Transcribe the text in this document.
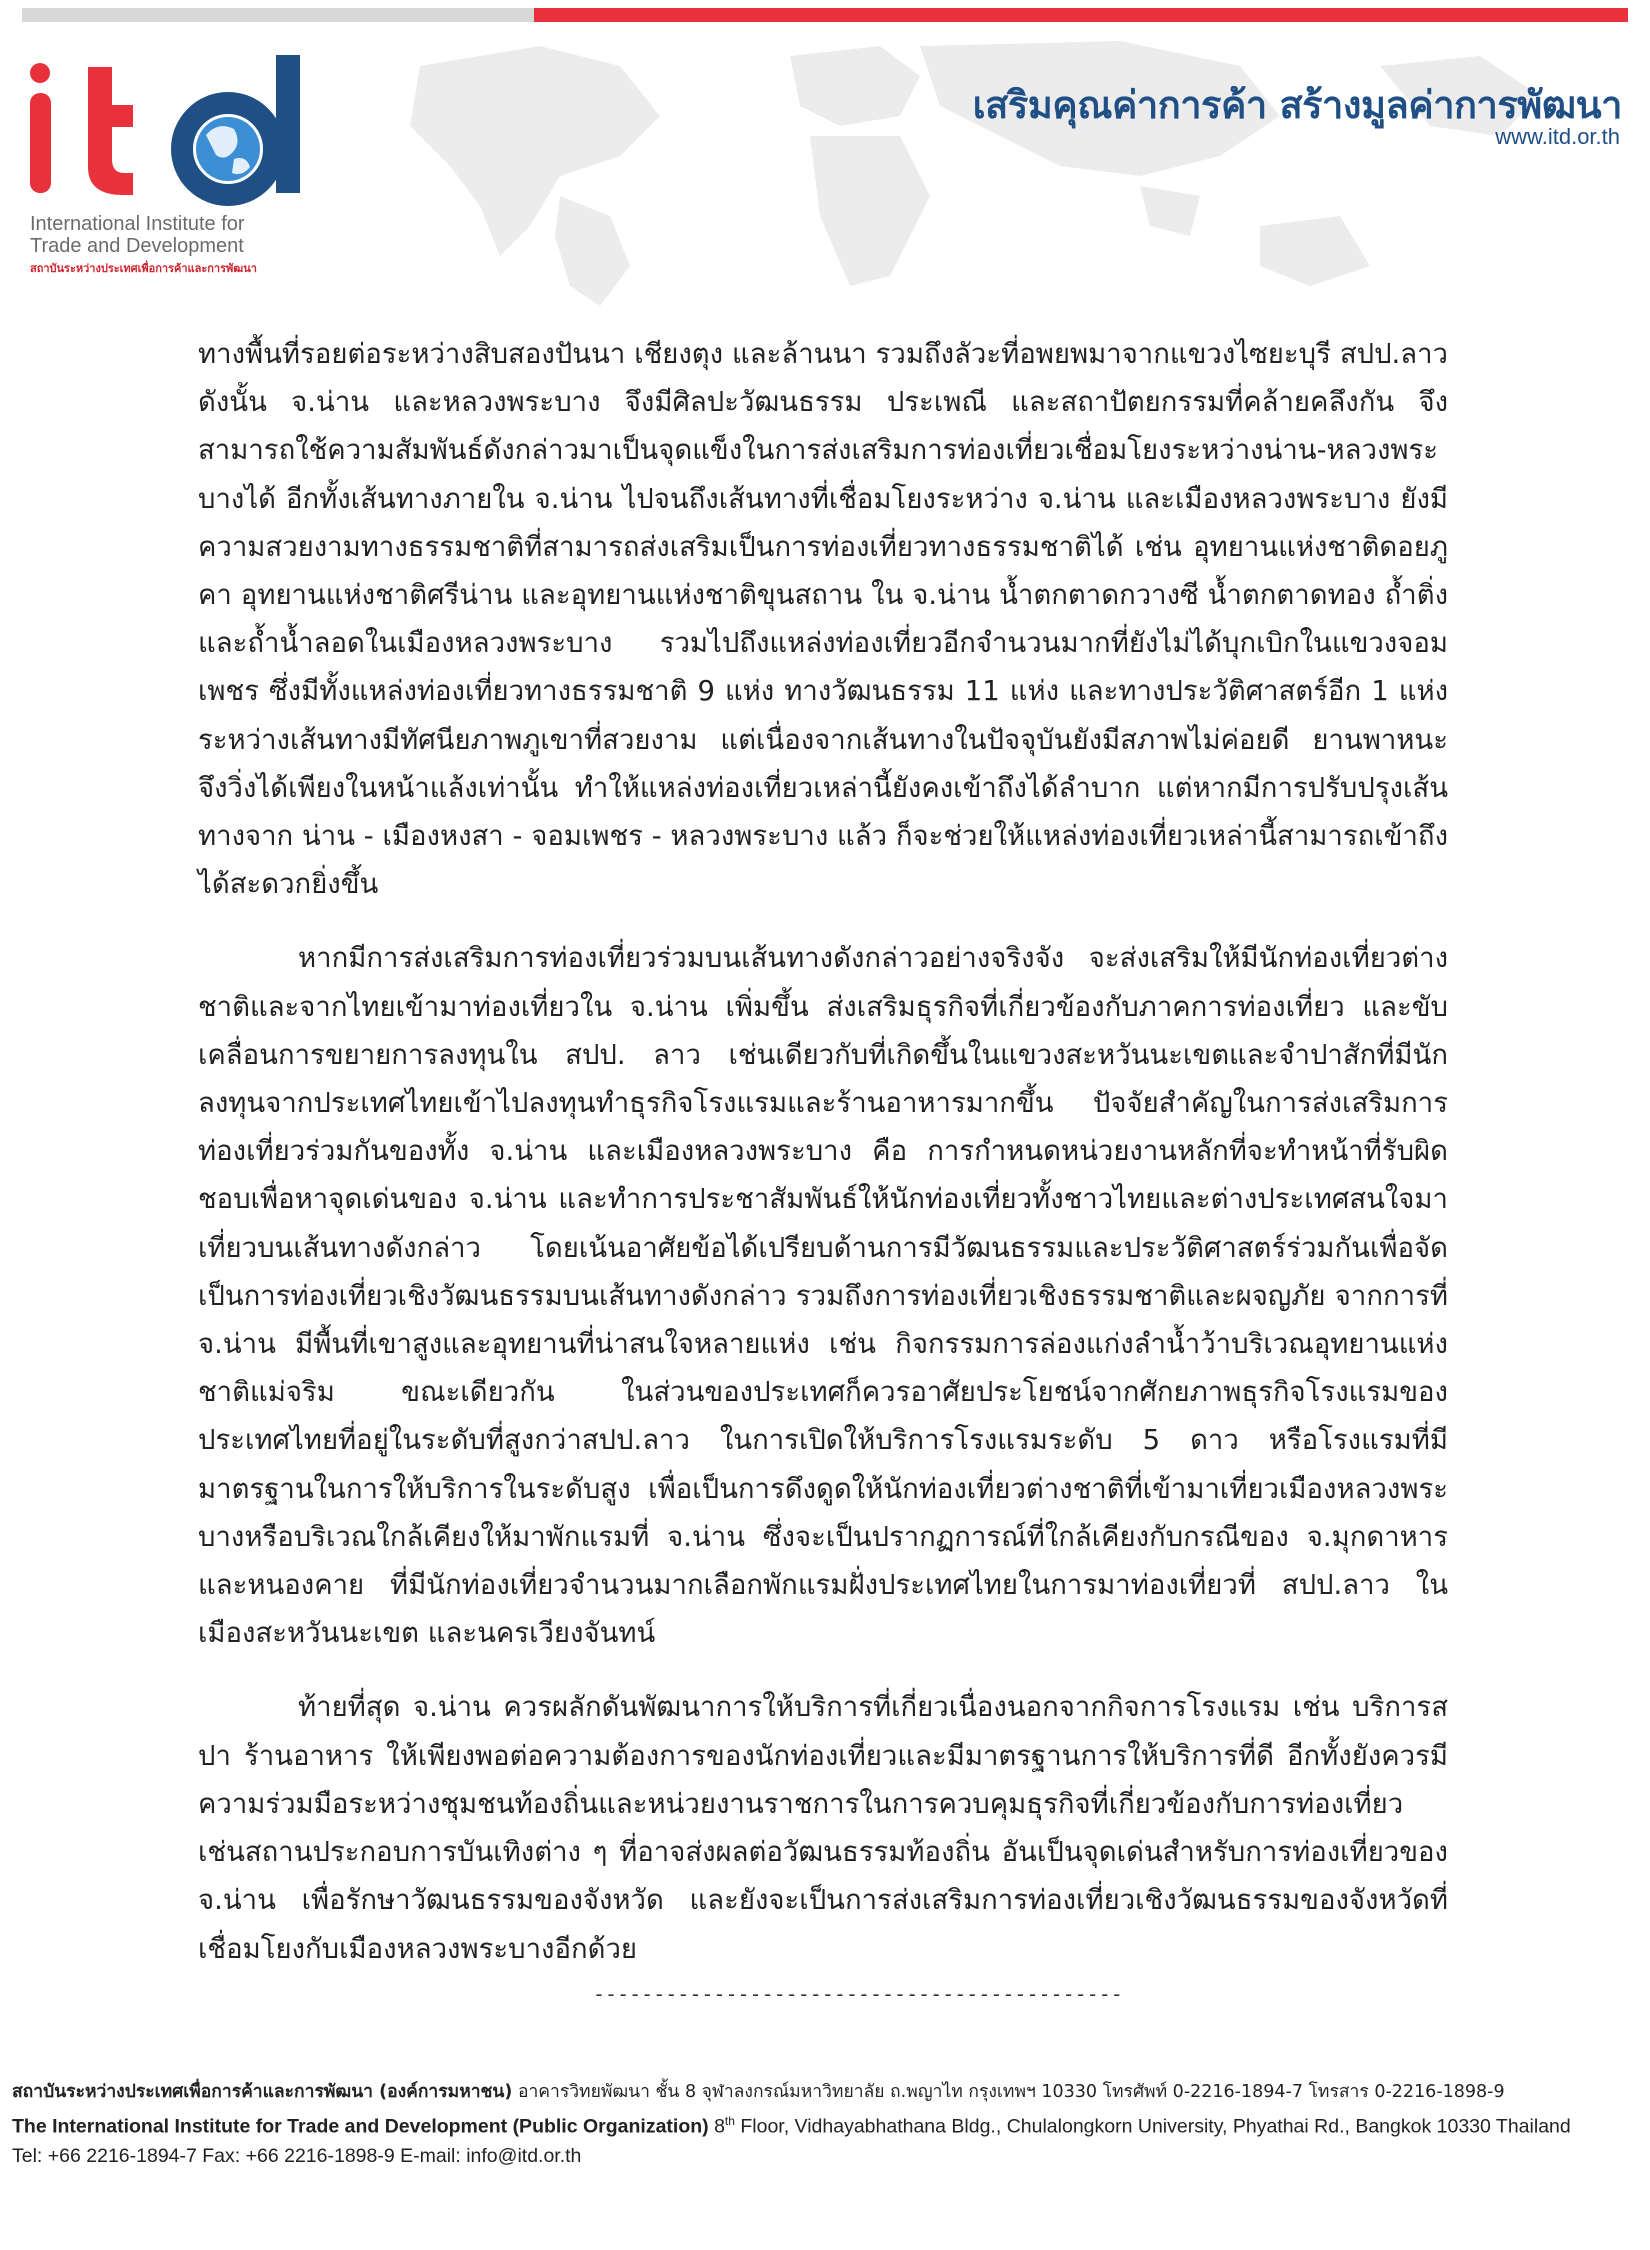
International Institute for
Trade and Development
สถาบันระหว่างประเทศเพื่อการค้าและการพัฒนา
เสริมคุณค่าการค้า สร้างมูลค่าการพัฒนา
www.itd.or.th

ทางพื้นที่รอยต่อระหว่างสิบสองปันนา เชียงตุง และล้านนา รวมถึงลัวะที่อพยพมาจากแขวงไซยะบุรี สปป.ลาว ดังนั้น จ.น่าน และหลวงพระบาง จึงมีศิลปะวัฒนธรรม ประเพณี และสถาปัตยกรรมที่คล้ายคลึงกัน จึงสามารถใช้ความสัมพันธ์ดังกล่าวมาเป็นจุดแข็งในการส่งเสริมการท่องเที่ยวเชื่อมโยงระหว่างน่าน-หลวงพระบางได้ อีกทั้งเส้นทางภายใน จ.น่าน ไปจนถึงเส้นทางที่เชื่อมโยงระหว่าง จ.น่าน และเมืองหลวงพระบาง ยังมีความสวยงามทางธรรมชาติที่สามารถส่งเสริมเป็นการท่องเที่ยวทางธรรมชาติได้ เช่น อุทยานแห่งชาติดอยภูคา อุทยานแห่งชาติศรีน่าน และอุทยานแห่งชาติขุนสถาน ใน จ.น่าน น้ำตกตาดกวางซี น้ำตกตาดทอง ถ้ำติ่ง และถ้ำน้ำลอดในเมืองหลวงพระบาง รวมไปถึงแหล่งท่องเที่ยวอีกจำนวนมากที่ยังไม่ได้บุกเบิกในแขวงจอมเพชร ซึ่งมีทั้งแหล่งท่องเที่ยวทางธรรมชาติ 9 แห่ง ทางวัฒนธรรม 11 แห่ง และทางประวัติศาสตร์อีก 1 แห่ง ระหว่างเส้นทางมีทัศนียภาพภูเขาที่สวยงาม แต่เนื่องจากเส้นทางในปัจจุบันยังมีสภาพไม่ค่อยดี ยานพาหนะจึงวิ่งได้เพียงในหน้าแล้งเท่านั้น ทำให้แหล่งท่องเที่ยวเหล่านี้ยังคงเข้าถึงได้ลำบาก แต่หากมีการปรับปรุงเส้นทางจาก น่าน - เมืองหงสา - จอมเพชร - หลวงพระบาง แล้ว ก็จะช่วยให้แหล่งท่องเที่ยวเหล่านี้สามารถเข้าถึงได้สะดวกยิ่งขึ้น

หากมีการส่งเสริมการท่องเที่ยวร่วมบนเส้นทางดังกล่าวอย่างจริงจัง จะส่งเสริมให้มีนักท่องเที่ยวต่างชาติและจากไทยเข้ามาท่องเที่ยวใน จ.น่าน เพิ่มขึ้น ส่งเสริมธุรกิจที่เกี่ยวข้องกับภาคการท่องเที่ยว และขับเคลื่อนการขยายการลงทุนใน สปป. ลาว เช่นเดียวกับที่เกิดขึ้นในแขวงสะหวันนะเขตและจำปาสักที่มีนักลงทุนจากประเทศไทยเข้าไปลงทุนทำธุรกิจโรงแรมและร้านอาหารมากขึ้น ปัจจัยสำคัญในการส่งเสริมการท่องเที่ยวร่วมกันของทั้ง จ.น่าน และเมืองหลวงพระบาง คือ การกำหนดหน่วยงานหลักที่จะทำหน้าที่รับผิดชอบเพื่อหาจุดเด่นของ จ.น่าน และทำการประชาสัมพันธ์ให้นักท่องเที่ยวทั้งชาวไทยและต่างประเทศสนใจมาเที่ยวบนเส้นทางดังกล่าว โดยเน้นอาศัยข้อได้เปรียบด้านการมีวัฒนธรรมและประวัติศาสตร์ร่วมกันเพื่อจัดเป็นการท่องเที่ยวเชิงวัฒนธรรมบนเส้นทางดังกล่าว รวมถึงการท่องเที่ยวเชิงธรรมชาติและผจญภัย จากการที่ จ.น่าน มีพื้นที่เขาสูงและอุทยานที่น่าสนใจหลายแห่ง เช่น กิจกรรมการล่องแก่งลำน้ำว้าบริเวณอุทยานแห่งชาติแม่จริม ขณะเดียวกัน ในส่วนของประเทศก็ควรอาศัยประโยชน์จากศักยภาพธุรกิจโรงแรมของประเทศไทยที่อยู่ในระดับที่สูงกว่าสปป.ลาว ในการเปิดให้บริการโรงแรมระดับ 5 ดาว หรือโรงแรมที่มีมาตรฐานในการให้บริการในระดับสูง เพื่อเป็นการดึงดูดให้นักท่องเที่ยวต่างชาติที่เข้ามาเที่ยวเมืองหลวงพระบางหรือบริเวณใกล้เคียงให้มาพักแรมที่ จ.น่าน ซึ่งจะเป็นปรากฏการณ์ที่ใกล้เคียงกับกรณีของ จ.มุกดาหาร และหนองคาย ที่มีนักท่องเที่ยวจำนวนมากเลือกพักแรมฝั่งประเทศไทยในการมาท่องเที่ยวที่ สปป.ลาว ในเมืองสะหวันนะเขต และนครเวียงจันทน์

ท้ายที่สุด จ.น่าน ควรผลักดันพัฒนาการให้บริการที่เกี่ยวเนื่องนอกจากกิจการโรงแรม เช่น บริการสปา ร้านอาหาร ให้เพียงพอต่อความต้องการของนักท่องเที่ยวและมีมาตรฐานการให้บริการที่ดี อีกทั้งยังควรมีความร่วมมือระหว่างชุมชนท้องถิ่นและหน่วยงานราชการในการควบคุมธุรกิจที่เกี่ยวข้องกับการท่องเที่ยว เช่นสถานประกอบการบันเทิงต่าง ๆ ที่อาจส่งผลต่อวัฒนธรรมท้องถิ่น อันเป็นจุดเด่นสำหรับการท่องเที่ยวของ จ.น่าน เพื่อรักษาวัฒนธรรมของจังหวัด และยังจะเป็นการส่งเสริมการท่องเที่ยวเชิงวัฒนธรรมของจังหวัดที่เชื่อมโยงกับเมืองหลวงพระบางอีกด้วย

--------------------------------------------
สถาบันระหว่างประเทศเพื่อการค้าและการพัฒนา (องค์การมหาชน) อาคารวิทยพัฒนา ชั้น 8 จุฬาลงกรณ์มหาวิทยาลัย ถ.พญาไท กรุงเทพฯ 10330 โทรศัพท์ 0-2216-1894-7 โทรสาร 0-2216-1898-9
The International Institute for Trade and Development (Public Organization) 8th Floor, Vidhayabhathana Bldg., Chulalongkorn University, Phyathai Rd., Bangkok 10330 Thailand
Tel: +66 2216-1894-7 Fax: +66 2216-1898-9 E-mail: info@itd.or.th
